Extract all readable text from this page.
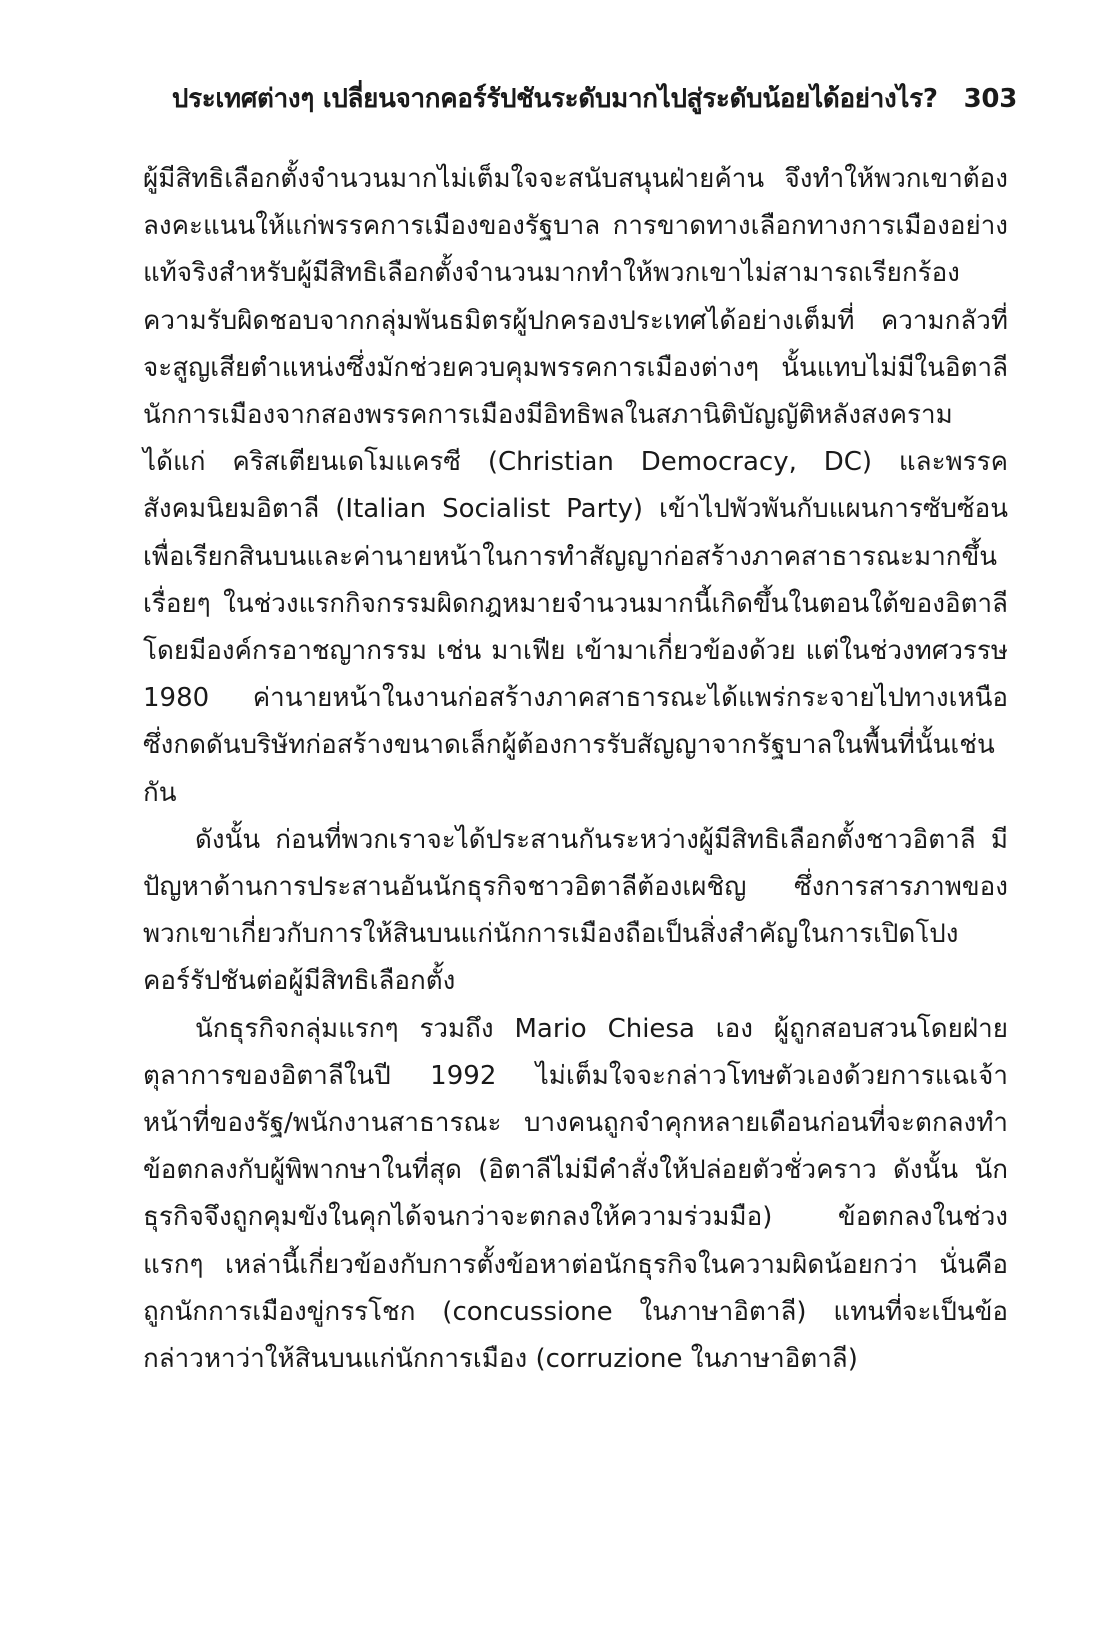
ประเทศต่างๆ เปลี่ยนจากคอร์รัปชันระดับมากไปสู่ระดับน้อยได้อย่างไร? 303

ผู้มีสิทธิเลือกตั้งจำนวนมากไม่เต็มใจจะสนับสนุนฝ่ายค้าน จึงทำให้พวกเขาต้องลงคะแนนให้แก่พรรคการเมืองของรัฐบาล การขาดทางเลือกทางการเมืองอย่างแท้จริงสำหรับผู้มีสิทธิเลือกตั้งจำนวนมากทำให้พวกเขาไม่สามารถเรียกร้องความรับผิดชอบจากกลุ่มพันธมิตรผู้ปกครองประเทศได้อย่างเต็มที่ ความกลัวที่จะสูญเสียตำแหน่งซึ่งมักช่วยควบคุมพรรคการเมืองต่างๆ นั้นแทบไม่มีในอิตาลี นักการเมืองจากสองพรรคการเมืองมีอิทธิพลในสภานิติบัญญัติหลังสงคราม ได้แก่ คริสเตียนเดโมแครซี (Christian Democracy, DC) และพรรคสังคมนิยมอิตาลี (Italian Socialist Party) เข้าไปพัวพันกับแผนการซับซ้อนเพื่อเรียกสินบนและค่านายหน้าในการทำสัญญาก่อสร้างภาคสาธารณะมากขึ้นเรื่อยๆ ในช่วงแรกกิจกรรมผิดกฎหมายจำนวนมากนี้เกิดขึ้นในตอนใต้ของอิตาลี โดยมีองค์กรอาชญากรรม เช่น มาเฟีย เข้ามาเกี่ยวข้องด้วย แต่ในช่วงทศวรรษ 1980 ค่านายหน้าในงานก่อสร้างภาคสาธารณะได้แพร่กระจายไปทางเหนือ ซึ่งกดดันบริษัทก่อสร้างขนาดเล็กผู้ต้องการรับสัญญาจากรัฐบาลในพื้นที่นั้นเช่นกัน

ดังนั้น ก่อนที่พวกเราจะได้ประสานกันระหว่างผู้มีสิทธิเลือกตั้งชาวอิตาลี มีปัญหาด้านการประสานอันนักธุรกิจชาวอิตาลีต้องเผชิญ ซึ่งการสารภาพของพวกเขาเกี่ยวกับการให้สินบนแก่นักการเมืองถือเป็นสิ่งสำคัญในการเปิดโปงคอร์รัปชันต่อผู้มีสิทธิเลือกตั้ง

นักธุรกิจกลุ่มแรกๆ รวมถึง Mario Chiesa เอง ผู้ถูกสอบสวนโดยฝ่ายตุลาการของอิตาลีในปี 1992 ไม่เต็มใจจะกล่าวโทษตัวเองด้วยการแฉเจ้าหน้าที่ของรัฐ/พนักงานสาธารณะ บางคนถูกจำคุกหลายเดือนก่อนที่จะตกลงทำข้อตกลงกับผู้พิพากษาในที่สุด (อิตาลีไม่มีคำสั่งให้ปล่อยตัวชั่วคราว ดังนั้น นักธุรกิจจึงถูกคุมขังในคุกได้จนกว่าจะตกลงให้ความร่วมมือ) ข้อตกลงในช่วงแรกๆ เหล่านี้เกี่ยวข้องกับการตั้งข้อหาต่อนักธุรกิจในความผิดน้อยกว่า นั่นคือ ถูกนักการเมืองขู่กรรโชก (concussione ในภาษาอิตาลี) แทนที่จะเป็นข้อกล่าวหาว่าให้สินบนแก่นักการเมือง (corruzione ในภาษาอิตาลี)
